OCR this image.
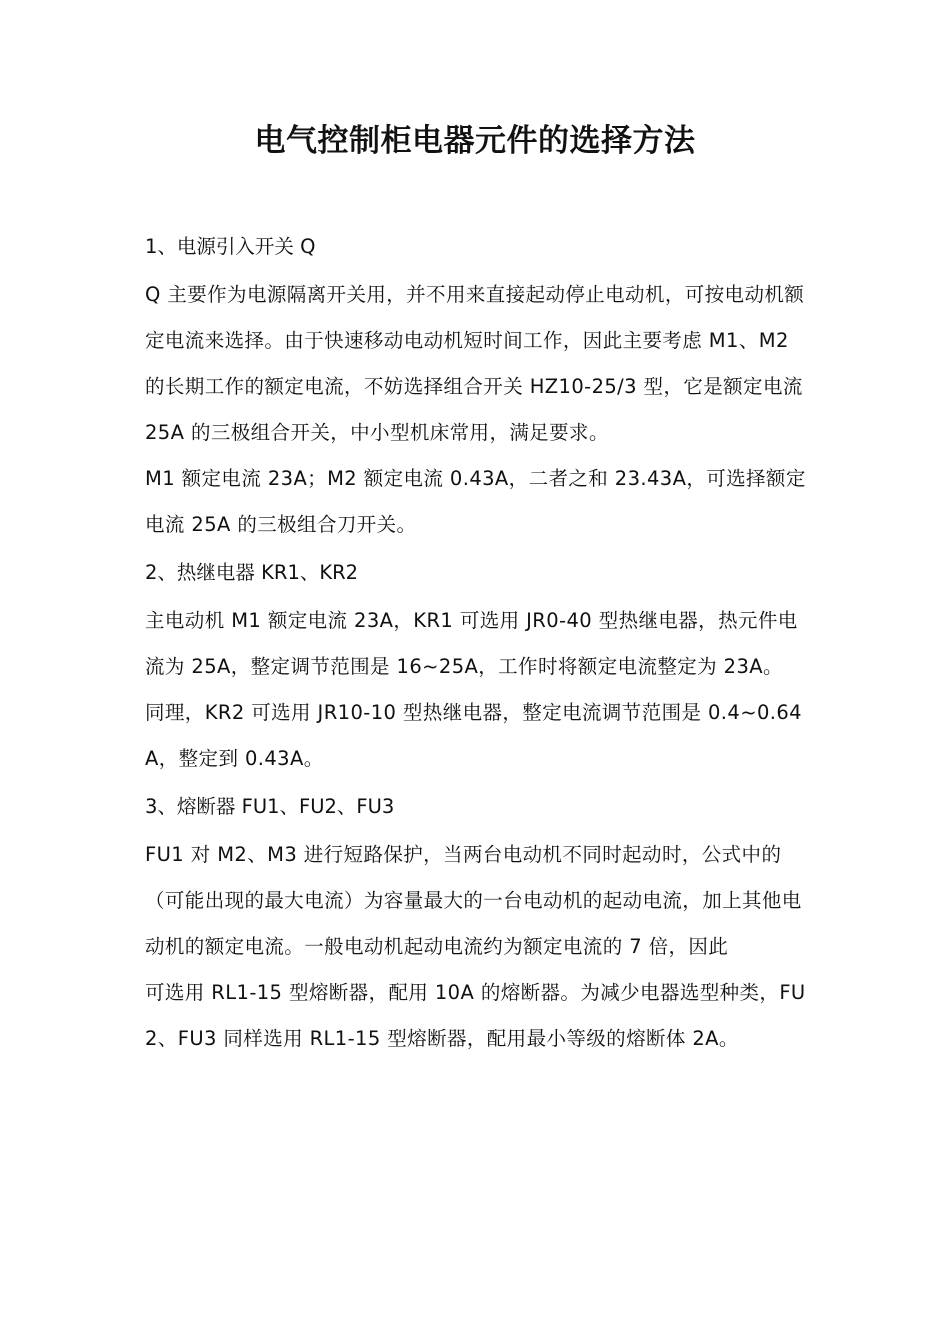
电气控制柜电器元件的选择方法

1、电源引入开关 Q

Q 主要作为电源隔离开关用，并不用来直接起动停止电动机，可按电动机额定电流来选择。由于快速移动电动机短时间工作，因此主要考虑 M1、M2 的长期工作的额定电流，不妨选择组合开关 HZ10-25/3 型，它是额定电流 25A 的三极组合开关，中小型机床常用，满足要求。

M1 额定电流 23A；M2 额定电流 0.43A，二者之和 23.43A，可选择额定电流 25A 的三极组合刀开关。

2、热继电器 KR1、KR2

主电动机 M1 额定电流 23A，KR1 可选用 JR0-40 型热继电器，热元件电流为 25A，整定调节范围是 16~25A，工作时将额定电流整定为 23A。

同理，KR2 可选用 JR10-10 型热继电器，整定电流调节范围是 0.4~0.64A，整定到 0.43A。

3、熔断器 FU1、FU2、FU3

FU1 对 M2、M3 进行短路保护，当两台电动机不同时起动时，公式中的（可能出现的最大电流）为容量最大的一台电动机的起动电流，加上其他电动机的额定电流。一般电动机起动电流约为额定电流的 7 倍，因此

可选用 RL1-15 型熔断器，配用 10A 的熔断器。为减少电器选型种类，FU2、FU3 同样选用 RL1-15 型熔断器，配用最小等级的熔断体 2A。
